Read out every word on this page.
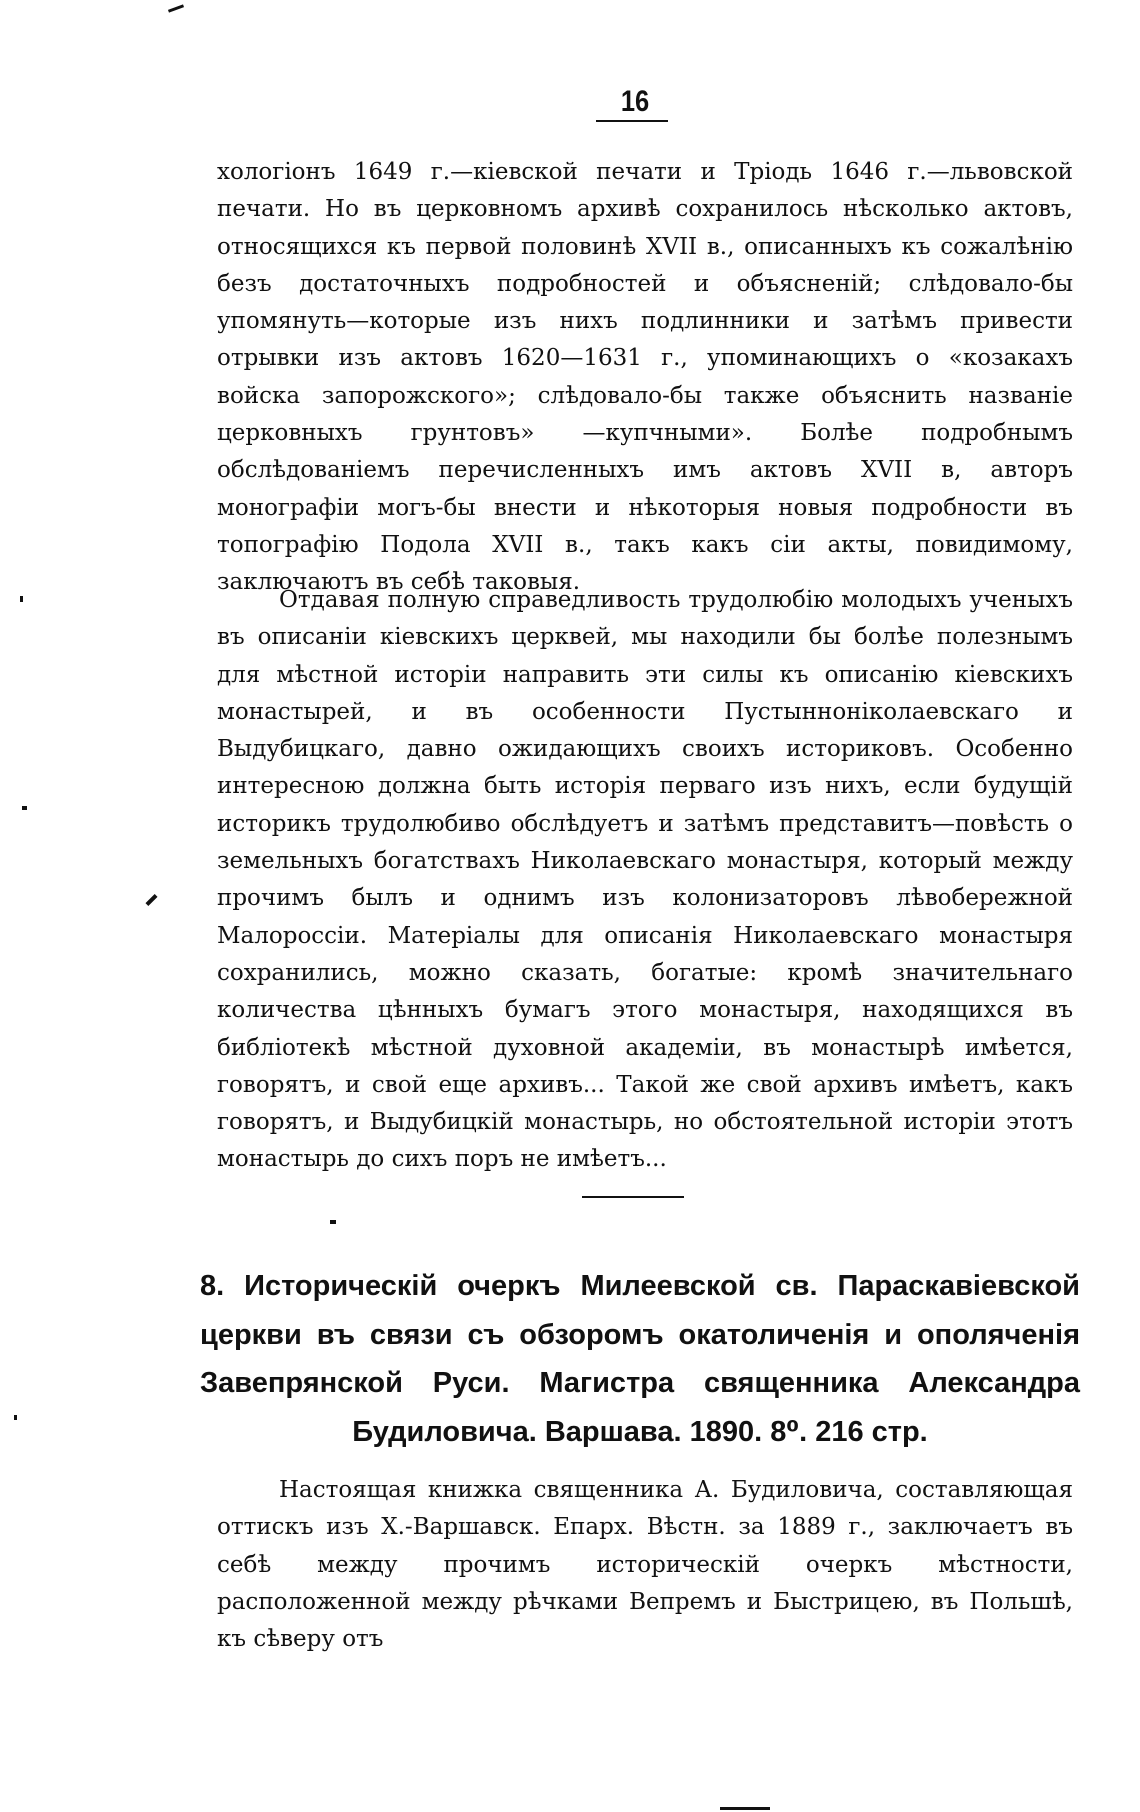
16

хологіонъ 1649 г.—кіевской печати и Тріодь 1646 г.—львовской печати. Но въ церковномъ архивѣ сохранилось нѣсколько актовъ, относящихся къ первой половинѣ XVII в., описанныхъ къ сожалѣнію безъ достаточныхъ подробностей и объясненій; слѣдовало-бы упомянуть—которые изъ нихъ подлинники и затѣмъ привести отрывки изъ актовъ 1620—1631 г., упоминающихъ о «козакахъ войска запорожского»; слѣдовало-бы также объяснить названіе церковныхъ грунтовъ» —купчными». Болѣе подробнымъ обслѣдованіемъ перечисленныхъ имъ актовъ XVII в, авторъ монографіи могъ-бы внести и нѣкоторыя новыя подробности въ топографію Подола XVII в., такъ какъ сіи акты, повидимому, заключаютъ въ себѣ таковыя.

Отдавая полную справедливость трудолюбію молодыхъ ученыхъ въ описаніи кіевскихъ церквей, мы находили бы болѣе полезнымъ для мѣстной исторіи направить эти силы къ описанію кіевскихъ монастырей, и въ особенности Пустынноніколаевскаго и Выдубицкаго, давно ожидающихъ своихъ историковъ. Особенно интересною должна быть исторія перваго изъ нихъ, если будущій историкъ трудолюбиво обслѣдуетъ и затѣмъ представитъ—повѣсть о земельныхъ богатствахъ Николаевскаго монастыря, который между прочимъ былъ и однимъ изъ колонизаторовъ лѣвобережной Малороссіи. Матеріалы для описанія Николаевскаго монастыря сохранились, можно сказать, богатые: кромѣ значительнаго количества цѣнныхъ бумагъ этого монастыря, находящихся въ библіотекѣ мѣстной духовной академіи, въ монастырѣ имѣется, говорятъ, и свой еще архивъ... Такой же свой архивъ имѣетъ, какъ говорятъ, и Выдубицкій монастырь, но обстоятельной исторіи этотъ монастырь до сихъ поръ не имѣетъ...

8. Историческій очеркъ Милеевской св. Параскавіевской церкви въ связи съ обзоромъ окатоличенія и ополяченія Завепрянской Руси. Магистра священника Александра Будиловича. Варшава. 1890. 8⁰. 216 стр.

Настоящая книжка священника А. Будиловича, составляющая оттискъ изъ Х.-Варшавск. Епарх. Вѣстн. за 1889 г., заключаетъ въ себѣ между прочимъ историческій очеркъ мѣстности, расположенной между рѣчками Вепремъ и Быстрицею, въ Польшѣ, къ сѣверу отъ
